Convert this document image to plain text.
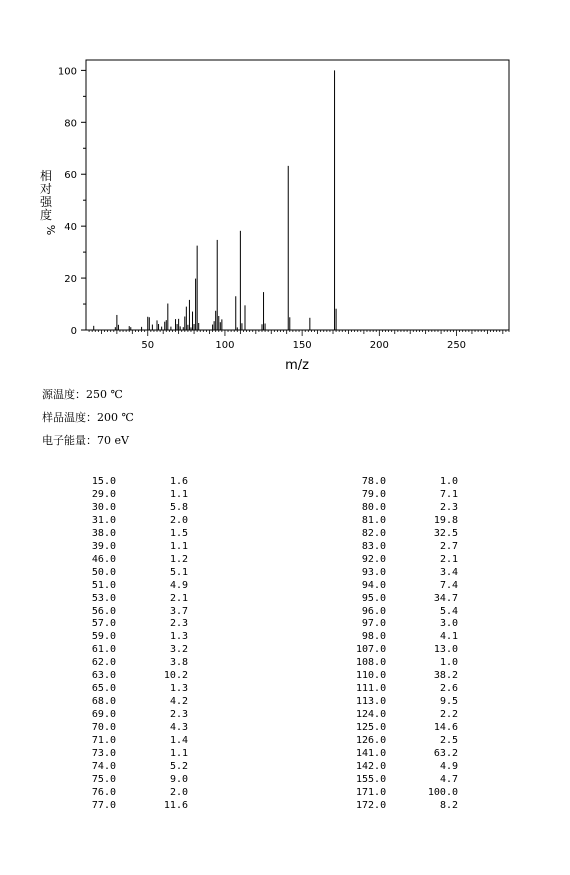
0
20
40
60
80
100
50	100	150	200	250
m/z
相对强度
%
源温度：250 ℃
样品温度：200 ℃
电子能量：70 eV
15.0	1.6
29.0	1.1
30.0	5.8
31.0	2.0
38.0	1.5
39.0	1.1
46.0	1.2
50.0	5.1
51.0	4.9
53.0	2.1
56.0	3.7
57.0	2.3
59.0	1.3
61.0	3.2
62.0	3.8
63.0	10.2
65.0	1.3
68.0	4.2
69.0	2.3
70.0	4.3
71.0	1.4
73.0	1.1
74.0	5.2
75.0	9.0
76.0	2.0
77.0	11.6
78.0	1.0
79.0	7.1
80.0	2.3
81.0	19.8
82.0	32.5
83.0	2.7
92.0	2.1
93.0	3.4
94.0	7.4
95.0	34.7
96.0	5.4
97.0	3.0
98.0	4.1
107.0	13.0
108.0	1.0
110.0	38.2
111.0	2.6
113.0	9.5
124.0	2.2
125.0	14.6
126.0	2.5
141.0	63.2
142.0	4.9
155.0	4.7
171.0	100.0
172.0	8.2
